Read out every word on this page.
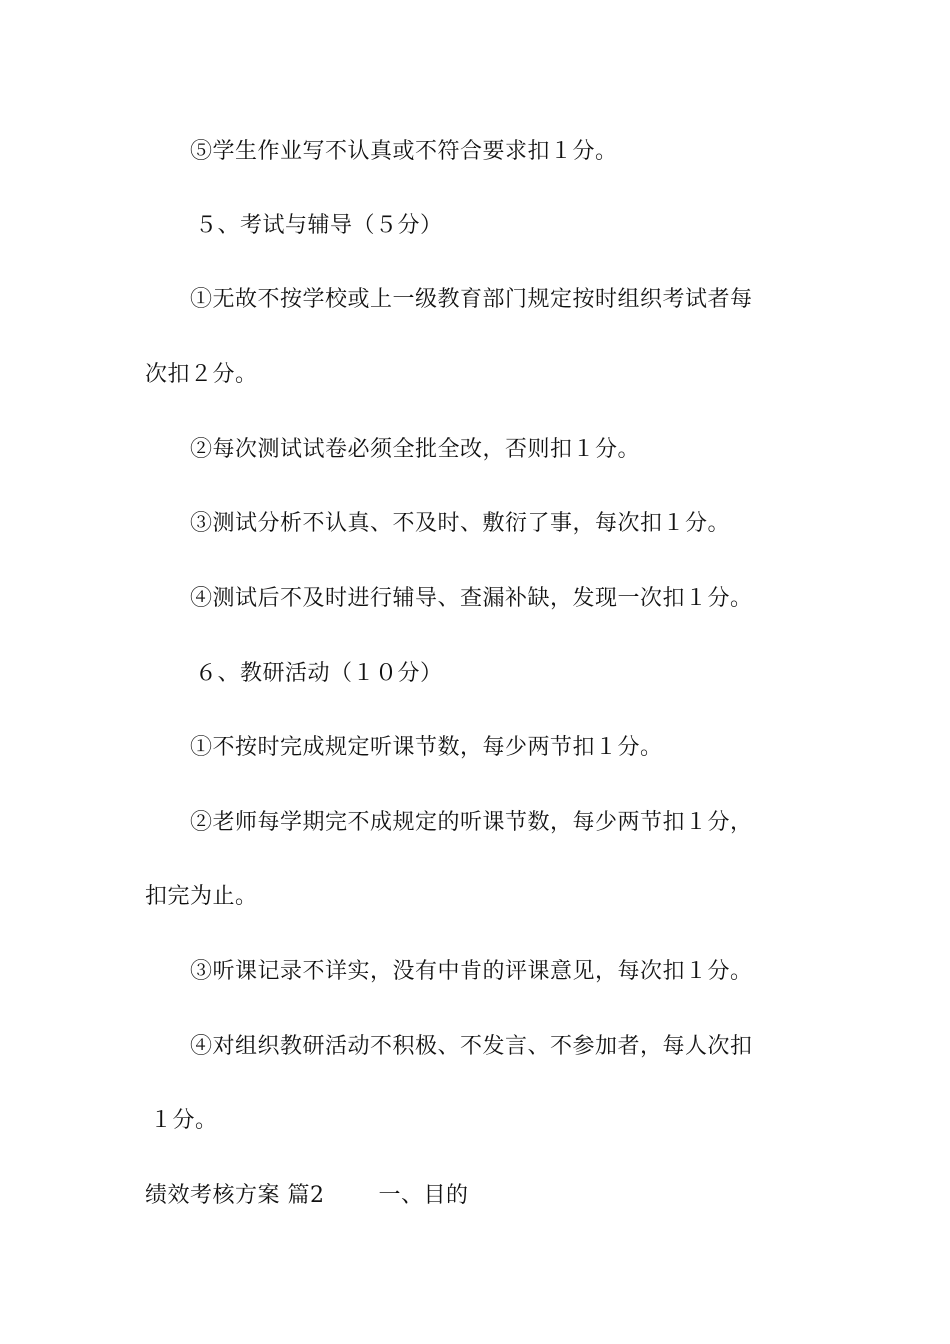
⑤学生作业写不认真或不符合要求扣１分。
５、考试与辅导（５分）
①无故不按学校或上一级教育部门规定按时组织考试者每
次扣２分。
②每次测试试卷必须全批全改，否则扣１分。
③测试分析不认真、不及时、敷衍了事，每次扣１分。
④测试后不及时进行辅导、查漏补缺，发现一次扣１分。
６、教研活动（１０分）
①不按时完成规定听课节数，每少两节扣１分。
②老师每学期完不成规定的听课节数，每少两节扣１分，
扣完为止。
③听课记录不详实，没有中肯的评课意见，每次扣１分。
④对组织教研活动不积极、不发言、不参加者，每人次扣
１分。
绩效考核方案 篇2 一、目的
